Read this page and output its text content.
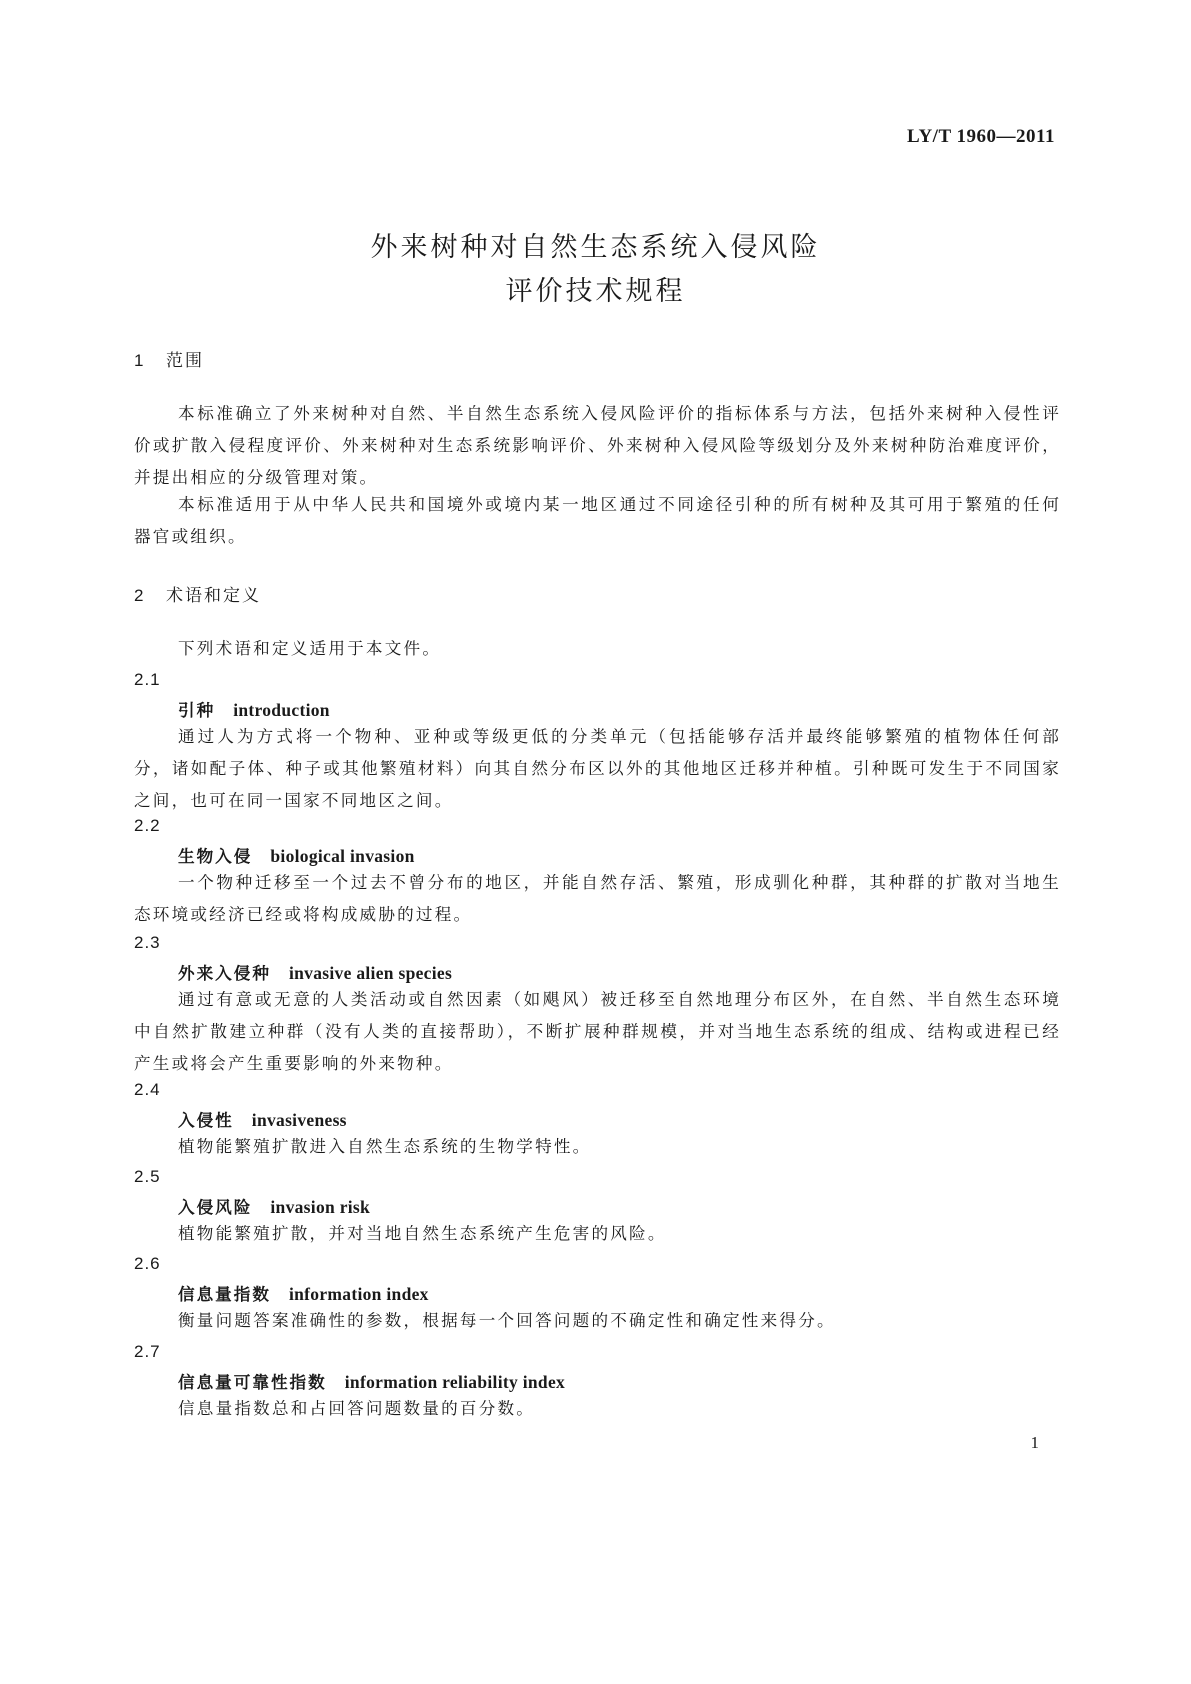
LY/T 1960—2011
外来树种对自然生态系统入侵风险
评价技术规程
1 范围
本标准确立了外来树种对自然、半自然生态系统入侵风险评价的指标体系与方法，包括外来树种入侵性评价或扩散入侵程度评价、外来树种对生态系统影响评价、外来树种入侵风险等级划分及外来树种防治难度评价，并提出相应的分级管理对策。
本标准适用于从中华人民共和国境外或境内某一地区通过不同途径引种的所有树种及其可用于繁殖的任何器官或组织。
2 术语和定义
下列术语和定义适用于本文件。
2.1
引种 introduction
通过人为方式将一个物种、亚种或等级更低的分类单元（包括能够存活并最终能够繁殖的植物体任何部分，诸如配子体、种子或其他繁殖材料）向其自然分布区以外的其他地区迁移并种植。引种既可发生于不同国家之间，也可在同一国家不同地区之间。
2.2
生物入侵 biological invasion
一个物种迁移至一个过去不曾分布的地区，并能自然存活、繁殖，形成驯化种群，其种群的扩散对当地生态环境或经济已经或将构成威胁的过程。
2.3
外来入侵种 invasive alien species
通过有意或无意的人类活动或自然因素（如飓风）被迁移至自然地理分布区外，在自然、半自然生态环境中自然扩散建立种群（没有人类的直接帮助），不断扩展种群规模，并对当地生态系统的组成、结构或进程已经产生或将会产生重要影响的外来物种。
2.4
入侵性 invasiveness
植物能繁殖扩散进入自然生态系统的生物学特性。
2.5
入侵风险 invasion risk
植物能繁殖扩散，并对当地自然生态系统产生危害的风险。
2.6
信息量指数 information index
衡量问题答案准确性的参数，根据每一个回答问题的不确定性和确定性来得分。
2.7
信息量可靠性指数 information reliability index
信息量指数总和占回答问题数量的百分数。
1
